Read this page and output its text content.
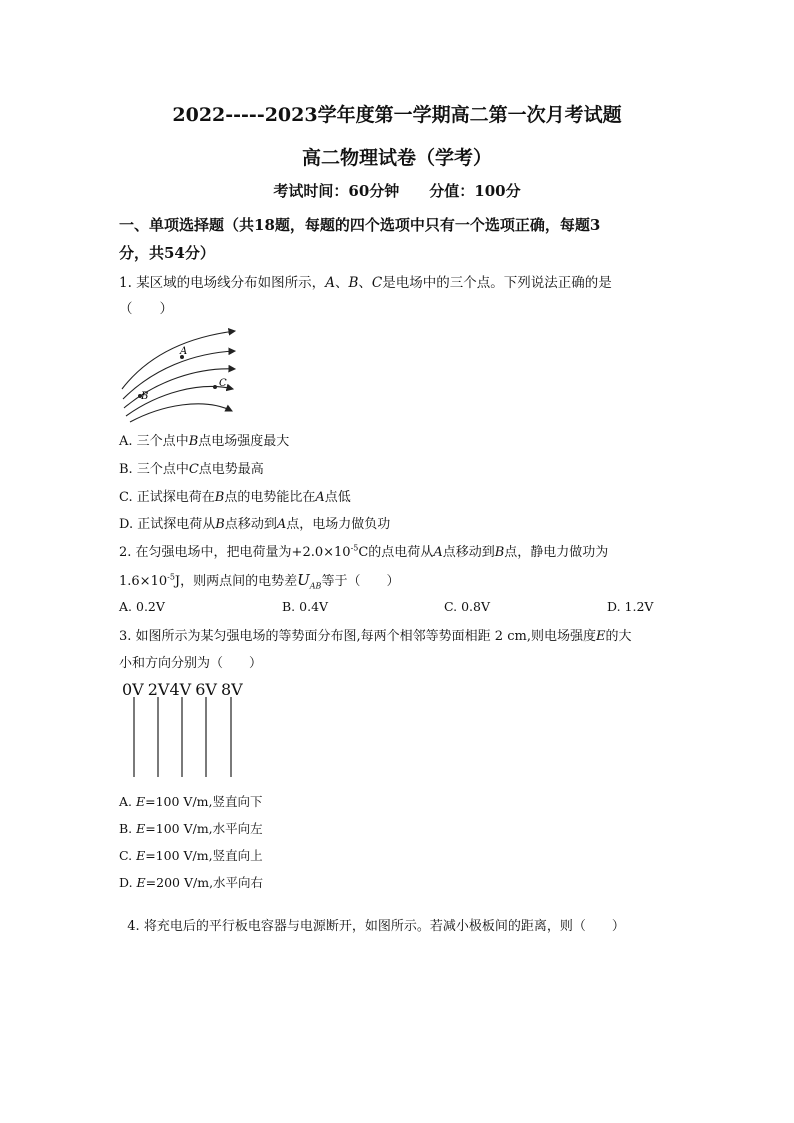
2022-----2023学年度第一学期高二第一次月考试题
高二物理试卷（学考）
考试时间：60分钟　　分值：100分
一、单项选择题（共18题，每题的四个选项中只有一个选项正确，每题3
分，共54分）
1. 某区域的电场线分布如图所示，A、B、C是电场中的三个点。下列说法正确的是
（　　）
A
C
B
A. 三个点中B点电场强度最大
B. 三个点中C点电势最高
C. 正试探电荷在B点的电势能比在A点低
D. 正试探电荷从B点移动到A点，电场力做负功
2. 在匀强电场中，把电荷量为$+2.0\times 10^{-5}C$的点电荷从A点移动到B点，静电力做功为
$1.6\times 10^{-5}J$，则两点间的电势差$U_{AB}$等于（　　）
A. 0.2V	B. 0.4V	C. 0.8V	D. 1.2V
3. 如图所示为某匀强电场的等势面分布图,每两个相邻等势面相距 2 cm,则电场强度E的大
小和方向分别为（　　）
0V 2V4V 6V 8V
A. E=100 V/m,竖直向下
B. E=100 V/m,水平向左
C. E=100 V/m,竖直向上
D. E=200 V/m,水平向右

4. 将充电后的平行板电容器与电源断开，如图所示。若减小极板间的距离，则（　　）
